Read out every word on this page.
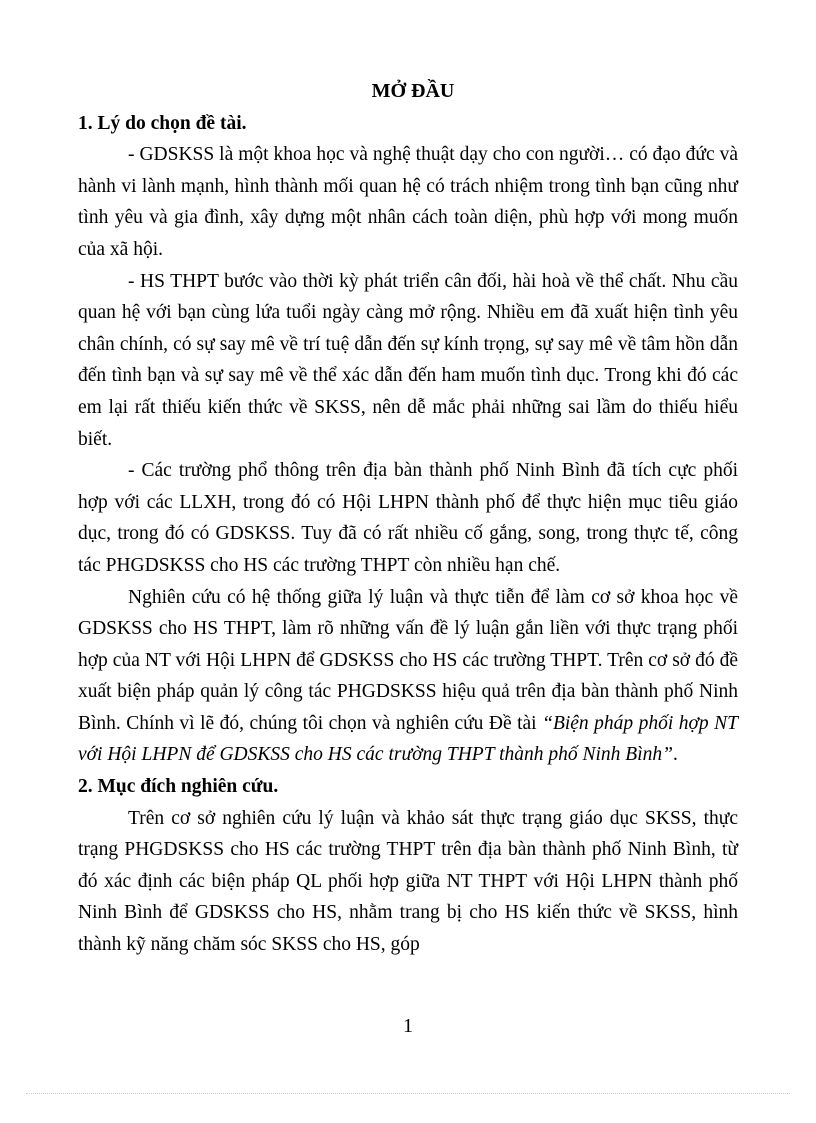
MỞ ĐẦU

1. Lý do chọn đề tài.

- GDSKSS là một khoa học và nghệ thuật dạy cho con người… có đạo đức và hành vi lành mạnh, hình thành mối quan hệ có trách nhiệm trong tình bạn cũng như tình yêu và gia đình, xây dựng một nhân cách toàn diện, phù hợp với mong muốn của xã hội.

- HS THPT bước vào thời kỳ phát triển cân đối, hài hoà về thể chất. Nhu cầu quan hệ với bạn cùng lứa tuổi ngày càng mở rộng. Nhiều em đã xuất hiện tình yêu chân chính, có sự say mê về trí tuệ dẫn đến sự kính trọng, sự say mê về tâm hồn dẫn đến tình bạn và sự say mê về thể xác dẫn đến ham muốn tình dục. Trong khi đó các em lại rất thiếu kiến thức về SKSS, nên dễ mắc phải những sai lầm do thiếu hiểu biết.

- Các trường phổ thông trên địa bàn thành phố Ninh Bình đã tích cực phối hợp với các LLXH, trong đó có Hội LHPN thành phố để thực hiện mục tiêu giáo dục, trong đó có GDSKSS. Tuy đã có rất nhiều cố gắng, song, trong thực tế, công tác PHGDSKSS cho HS các trường THPT còn nhiều hạn chế.

Nghiên cứu có hệ thống giữa lý luận và thực tiễn để làm cơ sở khoa học về GDSKSS cho HS THPT, làm rõ những vấn đề lý luận gắn liền với thực trạng phối hợp của NT với Hội LHPN để GDSKSS cho HS các trường THPT. Trên cơ sở đó đề xuất biện pháp quản lý công tác PHGDSKSS hiệu quả trên địa bàn thành phố Ninh Bình. Chính vì lẽ đó, chúng tôi chọn và nghiên cứu Đề tài “Biện pháp phối hợp NT với Hội LHPN để GDSKSS cho HS các trường THPT thành phố Ninh Bình”.

2. Mục đích nghiên cứu.

Trên cơ sở nghiên cứu lý luận và khảo sát thực trạng giáo dục SKSS, thực trạng PHGDSKSS cho HS các trường THPT trên địa bàn thành phố Ninh Bình, từ đó xác định các biện pháp QL phối hợp giữa NT THPT với Hội LHPN thành phố Ninh Bình để GDSKSS cho HS, nhằm trang bị cho HS kiến thức về SKSS, hình thành kỹ năng chăm sóc SKSS cho HS, góp

1
